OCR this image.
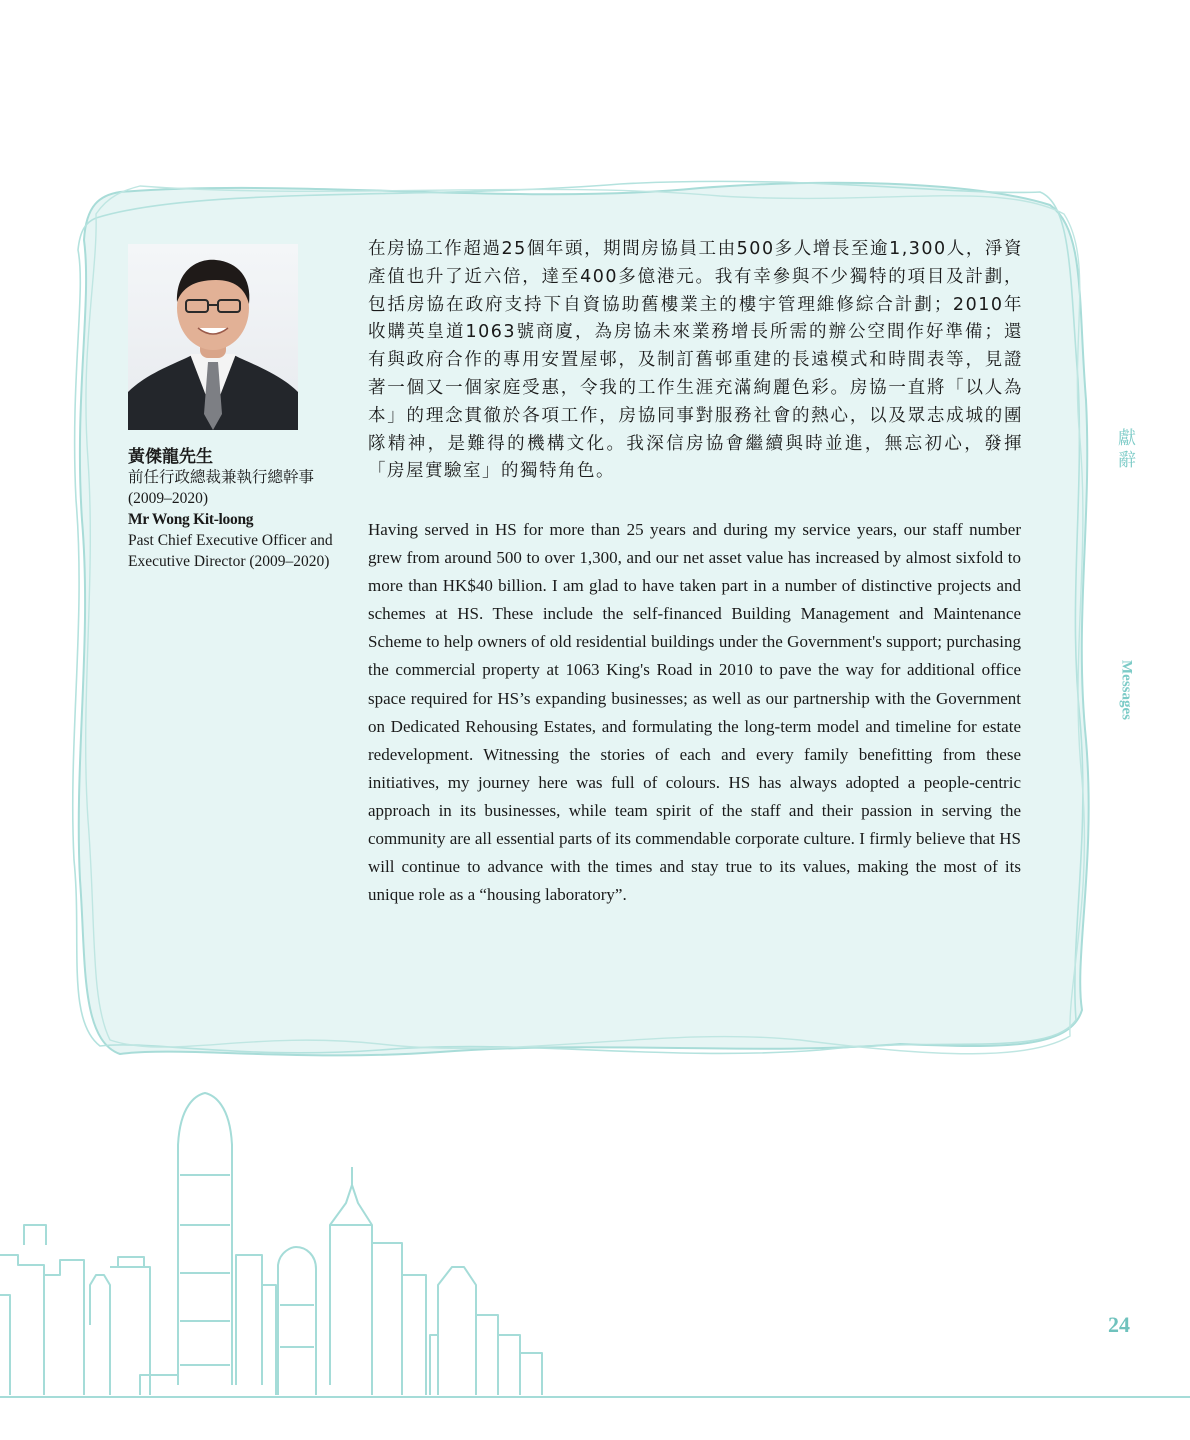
黃傑龍先生
前任行政總裁兼執行總幹事
(2009–2020)
Mr Wong Kit-loong
Past Chief Executive Officer and
Executive Director (2009–2020)

在房協工作超過25個年頭，期間房協員工由500多人增長至逾1,300人，淨資產值也升了近六倍，達至400多億港元。我有幸參與不少獨特的項目及計劃，包括房協在政府支持下自資協助舊樓業主的樓宇管理維修綜合計劃；2010年收購英皇道1063號商廈，為房協未來業務增長所需的辦公空間作好準備；還有與政府合作的專用安置屋邨，及制訂舊邨重建的長遠模式和時間表等，見證著一個又一個家庭受惠，令我的工作生涯充滿絢麗色彩。房協一直將「以人為本」的理念貫徹於各項工作，房協同事對服務社會的熱心，以及眾志成城的團隊精神，是難得的機構文化。我深信房協會繼續與時並進，無忘初心，發揮「房屋實驗室」的獨特角色。

Having served in HS for more than 25 years and during my service years, our staff number grew from around 500 to over 1,300, and our net asset value has increased by almost sixfold to more than HK$40 billion. I am glad to have taken part in a number of distinctive projects and schemes at HS. These include the self-financed Building Management and Maintenance Scheme to help owners of old residential buildings under the Government's support; purchasing the commercial property at 1063 King's Road in 2010 to pave the way for additional office space required for HS’s expanding businesses; as well as our partnership with the Government on Dedicated Rehousing Estates, and formulating the long-term model and timeline for estate redevelopment. Witnessing the stories of each and every family benefitting from these initiatives, my journey here was full of colours. HS has always adopted a people-centric approach in its businesses, while team spirit of the staff and their passion in serving the community are all essential parts of its commendable corporate culture. I firmly believe that HS will continue to advance with the times and stay true to its values, making the most of its unique role as a “housing laboratory”.

獻辭
Messages
24
